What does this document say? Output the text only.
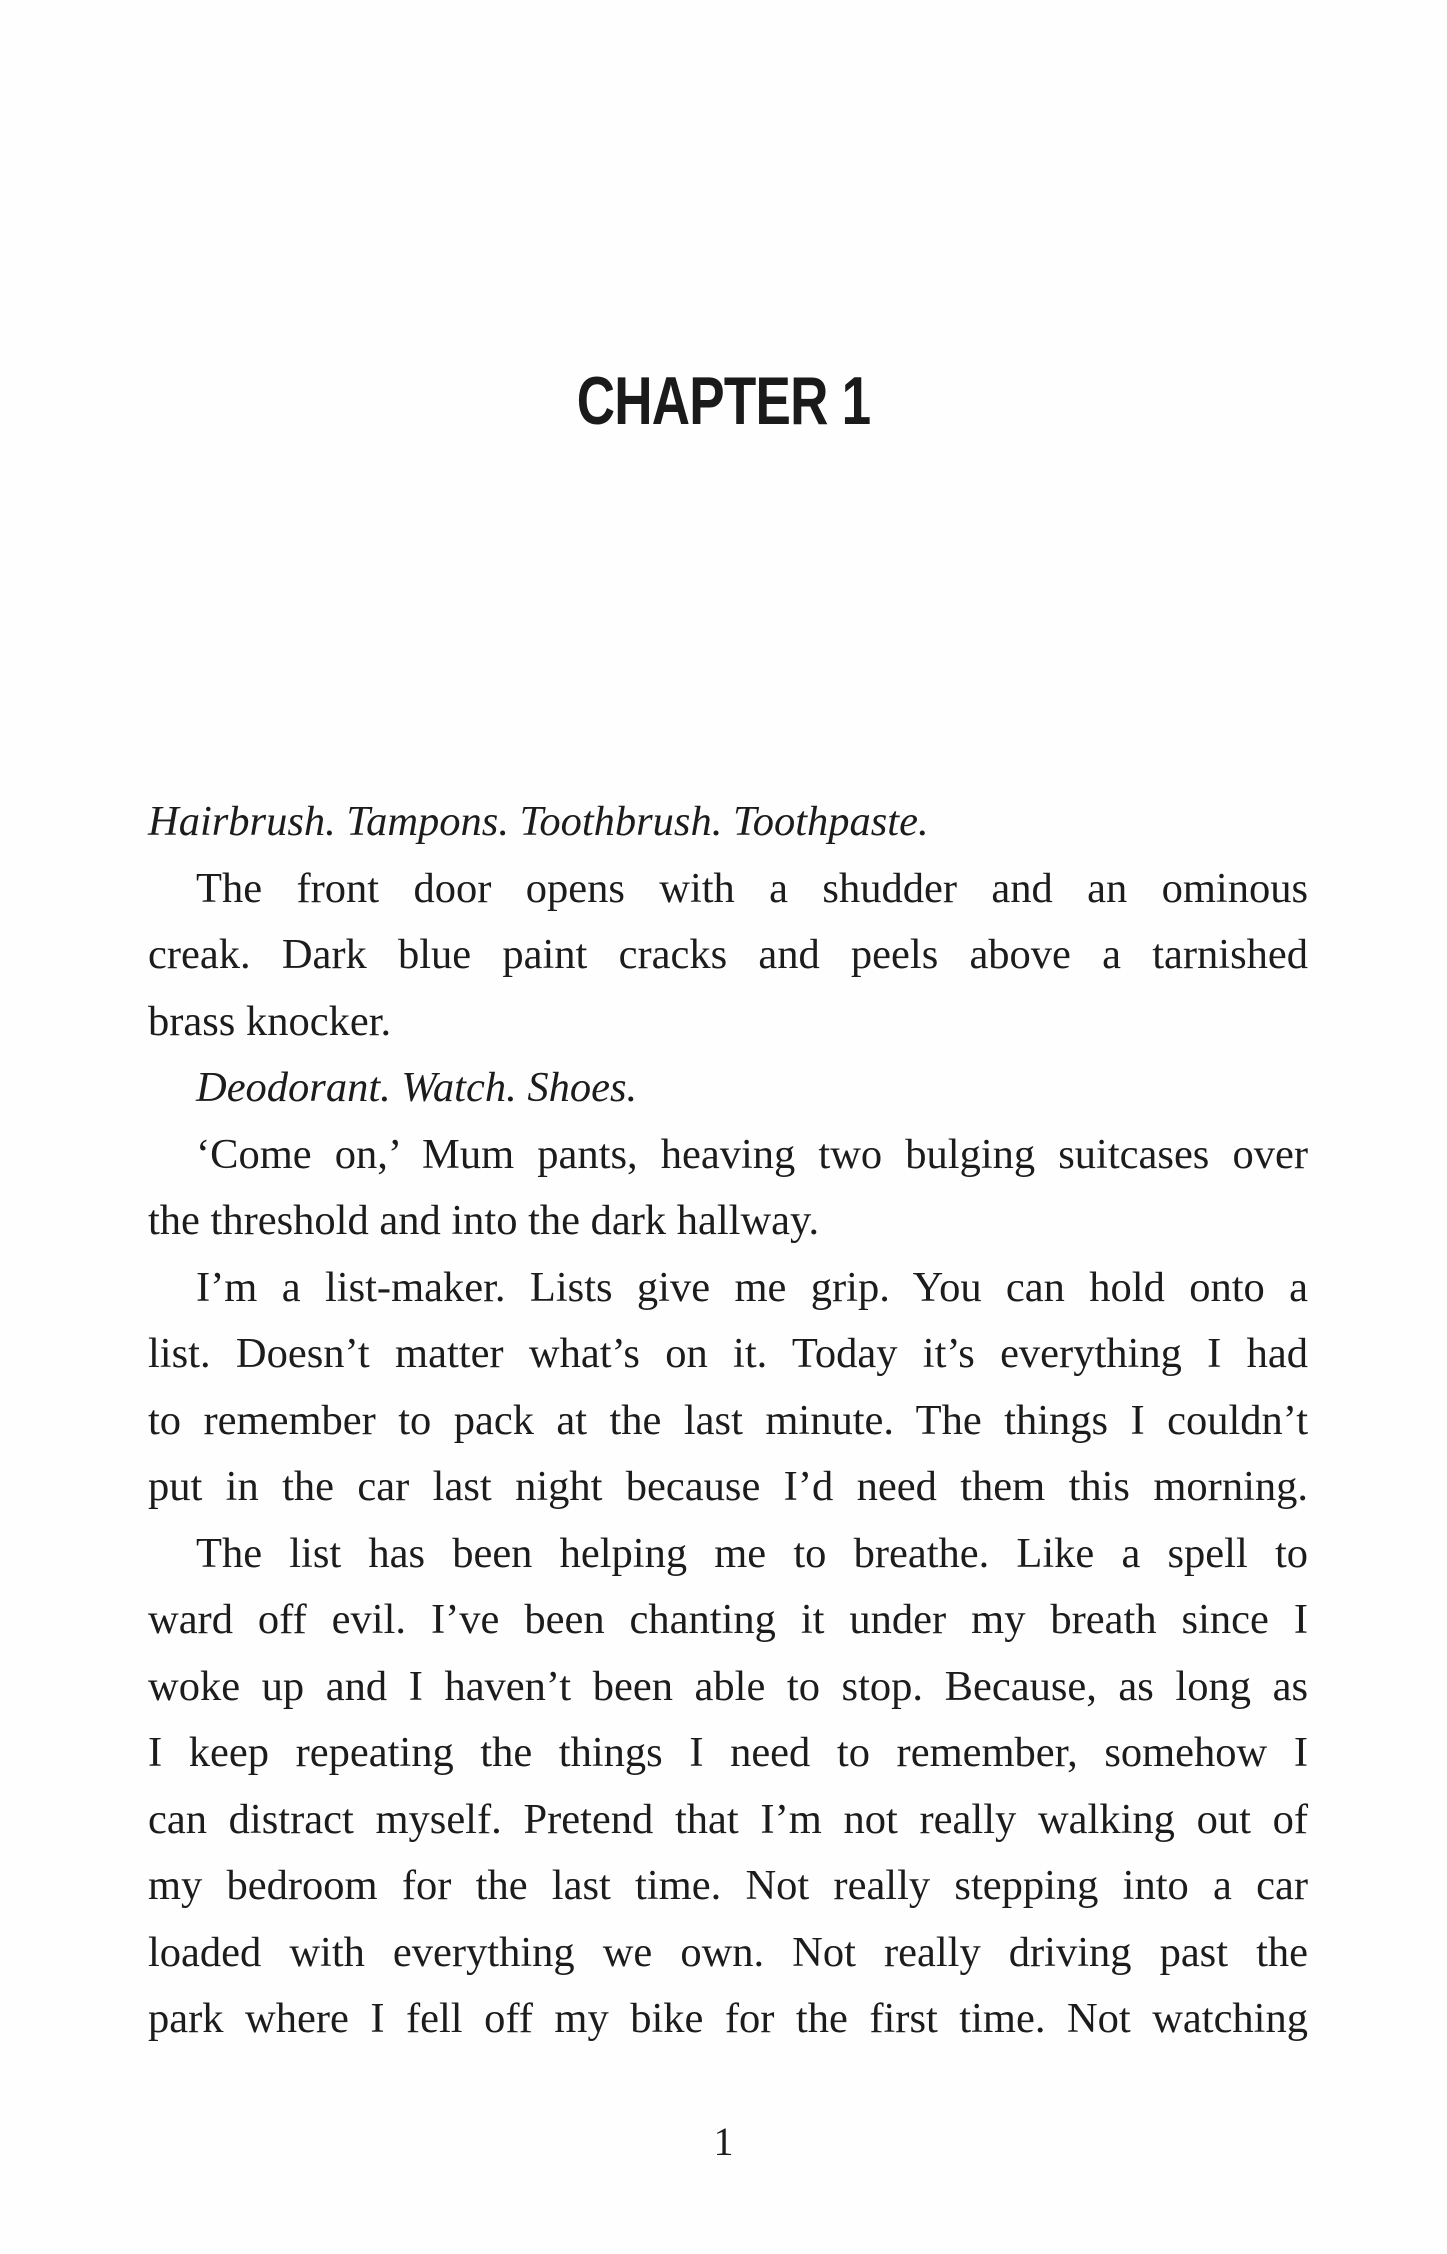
CHAPTER 1
Hairbrush. Tampons. Toothbrush. Toothpaste.
The front door opens with a shudder and an ominous
creak. Dark blue paint cracks and peels above a tarnished
brass knocker.
Deodorant. Watch. Shoes.
‘Come on,’ Mum pants, heaving two bulging suitcases over
the threshold and into the dark hallway.
I’m a list-maker. Lists give me grip. You can hold onto a
list. Doesn’t matter what’s on it. Today it’s everything I had
to remember to pack at the last minute. The things I couldn’t
put in the car last night because I’d need them this morning.
The list has been helping me to breathe. Like a spell to
ward off evil. I’ve been chanting it under my breath since I
woke up and I haven’t been able to stop. Because, as long as
I keep repeating the things I need to remember, somehow I
can distract myself. Pretend that I’m not really walking out of
my bedroom for the last time. Not really stepping into a car
loaded with everything we own. Not really driving past the
park where I fell off my bike for the first time. Not watching
1
